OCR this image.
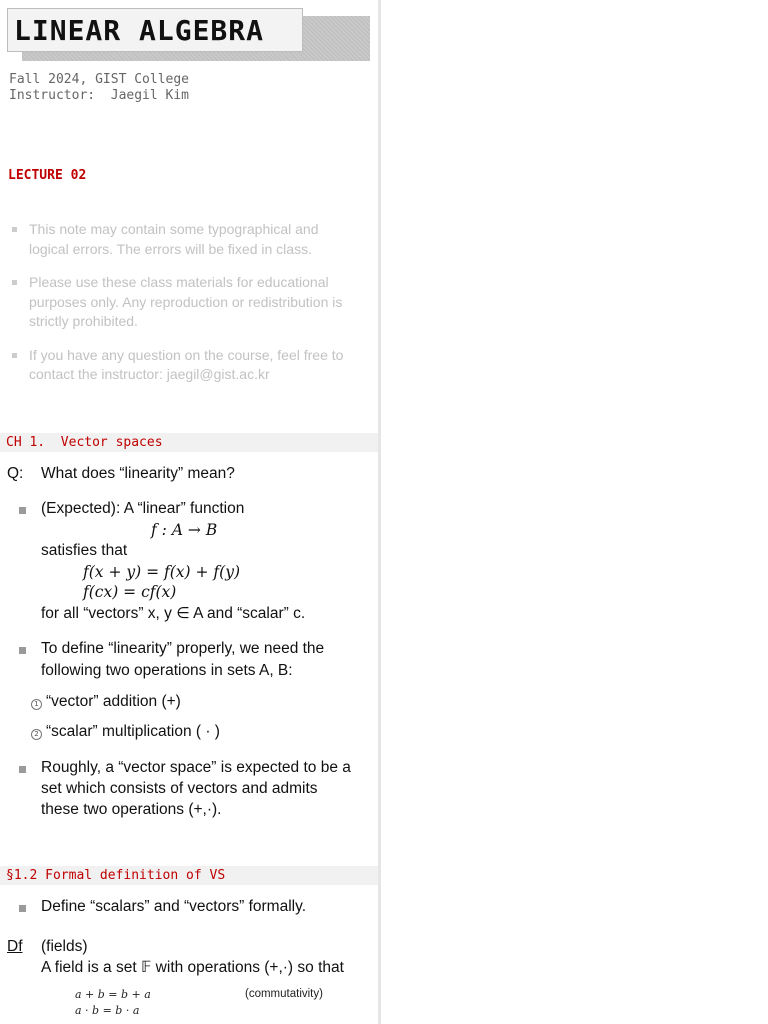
LINEAR ALGEBRA
Fall 2024, GIST College
Instructor:  Jaegil Kim
LECTURE 02
This note may contain some typographical and logical errors. The errors will be fixed in class.
Please use these class materials for educational purposes only. Any reproduction or redistribution is strictly prohibited.
If you have any question on the course, feel free to contact the instructor: jaegil@gist.ac.kr
CH 1.  Vector spaces
Q: What does “linearity” mean?
(Expected): A “linear” function
f : A → B
satisfies that
f(x + y) = f(x) + f(y)
f(cx) = cf(x)
for all “vectors” x, y ∈ A and “scalar” c.
To define “linearity” properly, we need the
following two operations in sets A, B:
1 “vector” addition (+)
2 “scalar” multiplication ( · )
Roughly, a “vector space” is expected to be a
set which consists of vectors and admits
these two operations (+,·).
§1.2 Formal definition of VS
Define “scalars” and “vectors” formally.
Df (fields)
A field is a set 𝔽 with operations (+,·) so that
a + b = b + a	(commutativity)
a · b = b · a
